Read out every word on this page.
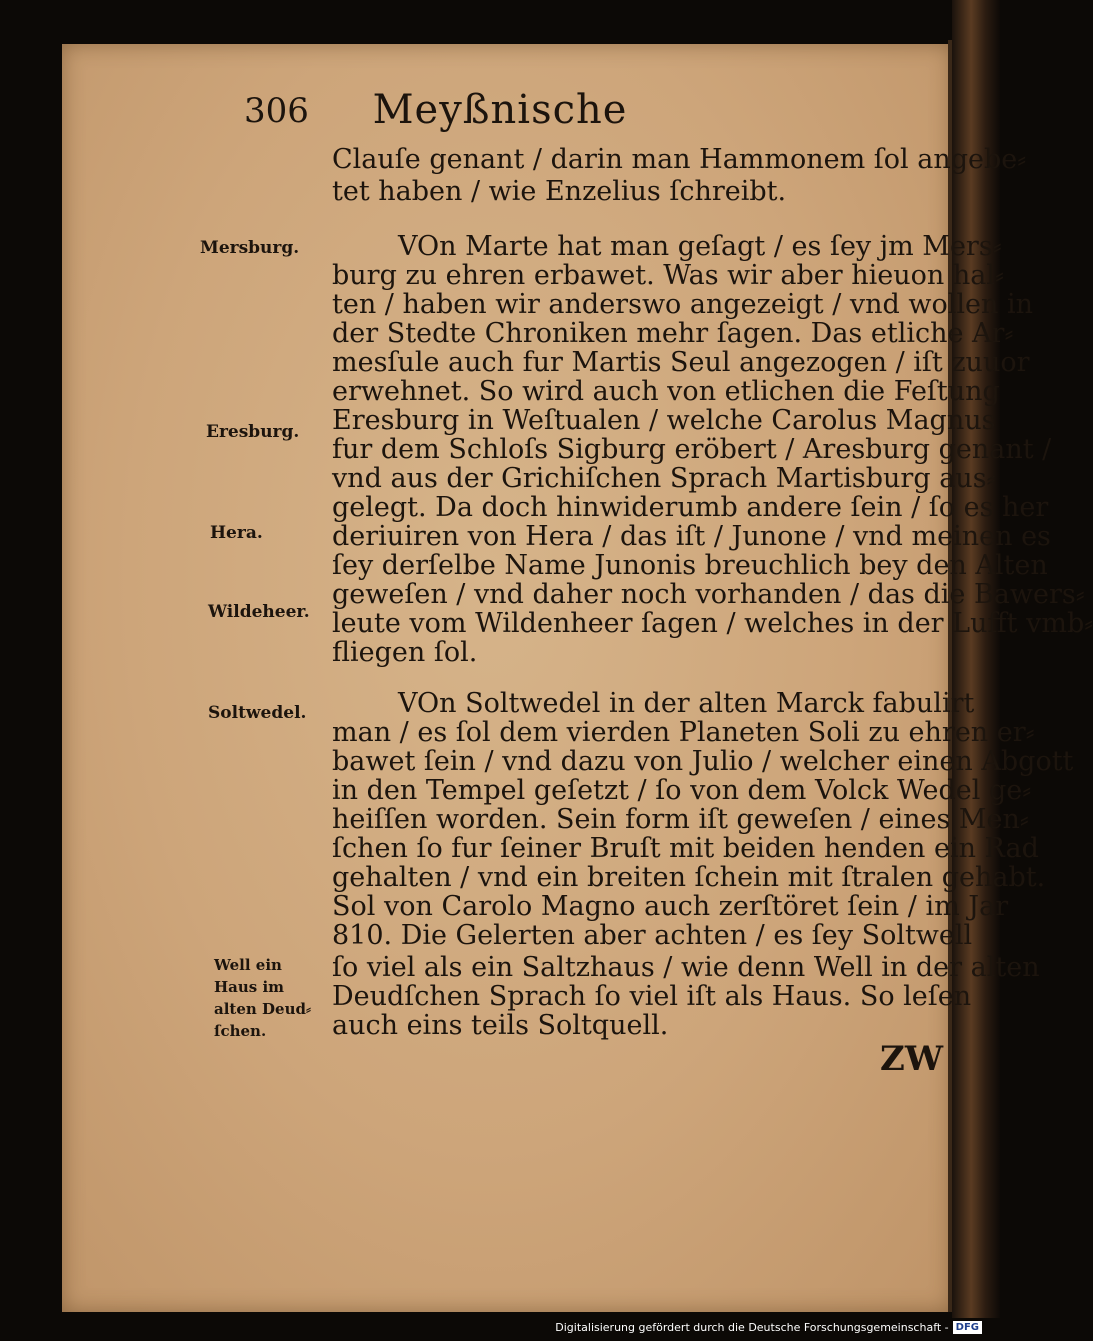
306	Meyßnische
Clauſe genant / darin man Hammonem ſol angebe⸗
tet haben / wie Enzelius ſchreibt.
VOn Marte hat man geſagt / es ſey jm Mers⸗
burg zu ehren erbawet. Was wir aber hieuon hal⸗
ten / haben wir anderswo angezeigt / vnd wollen in
der Stedte Chroniken mehr ſagen. Das etliche Ar⸗
mesſule auch fur Martis Seul angezogen / iſt zuuor
erwehnet. So wird auch von etlichen die Feſtung
Eresburg in Weſtualen / welche Carolus Magnus
fur dem Schloſs Sigburg eröbert / Aresburg genant /
vnd aus der Grichiſchen Sprach Martisburg aus⸗
gelegt. Da doch hinwiderumb andere ſein / ſo es her
deriuiren von Hera / das iſt / Junone / vnd meinen es
ſey derſelbe Name Junonis breuchlich bey den Alten
geweſen / vnd daher noch vorhanden / das die Bawers⸗
leute vom Wildenheer ſagen / welches in der Lufft vmb⸗
fliegen ſol.
VOn Soltwedel in der alten Marck fabulirt
man / es ſol dem vierden Planeten Soli zu ehren er⸗
bawet ſein / vnd dazu von Julio / welcher einen Abgott
in den Tempel geſetzt / ſo von dem Volck Wedel ge⸗
heiſſen worden. Sein form iſt geweſen / eines Men⸗
ſchen ſo fur ſeiner Bruſt mit beiden henden ein Rad
gehalten / vnd ein breiten ſchein mit ſtralen gehabt.
Sol von Carolo Magno auch zerſtöret ſein / im Jar
810. Die Gelerten aber achten / es ſey Soltwell
ſo viel als ein Saltzhaus / wie denn Well in der alten
Deudſchen Sprach ſo viel iſt als Haus. So leſen
auch eins teils Soltquell.
Mersburg.
Eresburg.
Hera.
Wildeheer.
Soltwedel.
Well ein
Haus im
alten Deud⸗
ſchen.
ZW
Digitalisierung gefördert durch die Deutsche Forschungsgemeinschaft - DFG
